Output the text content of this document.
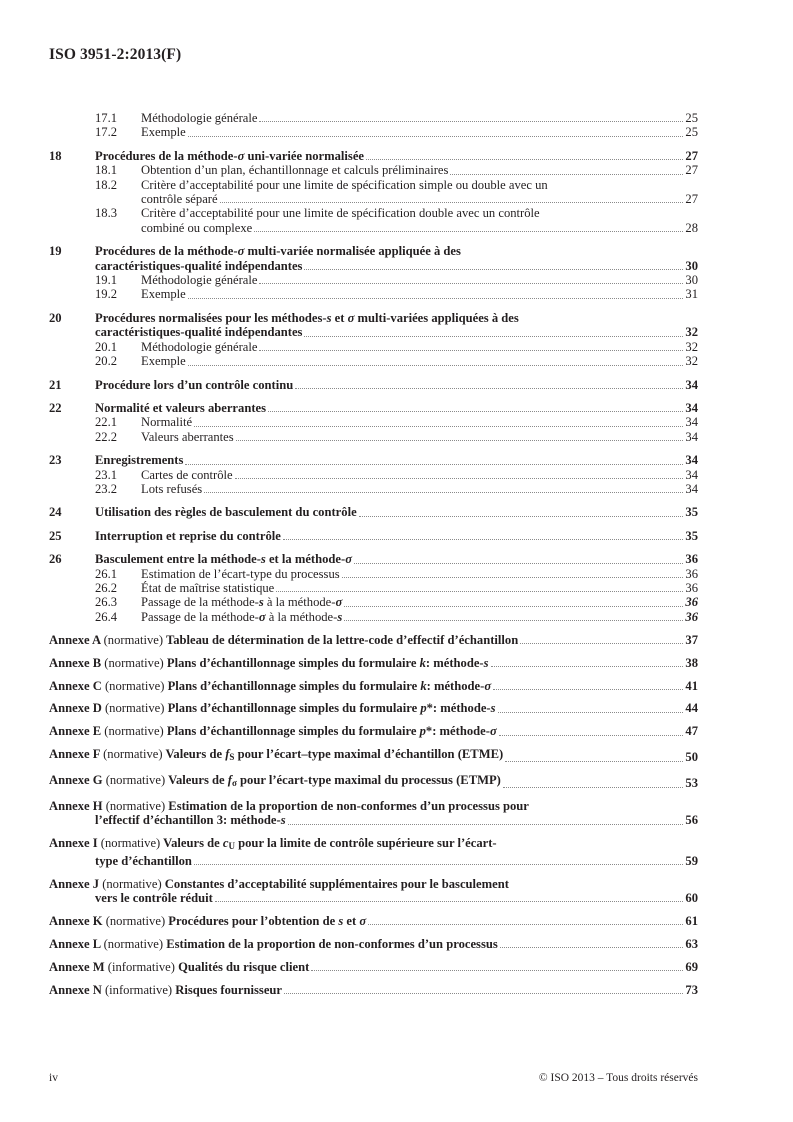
ISO 3951-2:2013(F)
17.1	Méthodologie générale	25
17.2	Exemple	25
18	Procédures de la méthode-σ uni-variée normalisée	27
18.1	Obtention d’un plan, échantillonnage et calculs préliminaires	27
18.2	Critère d’acceptabilité pour une limite de spécification simple ou double avec un
contrôle séparé	27
18.3	Critère d’acceptabilité pour une limite de spécification double avec un contrôle
combiné ou complexe	28
19	Procédures de la méthode-σ multi-variée normalisée appliquée à des
caractéristiques-qualité indépendantes	30
19.1	Méthodologie générale	30
19.2	Exemple	31
20	Procédures normalisées pour les méthodes-s et σ multi-variées appliquées à des
caractéristiques-qualité indépendantes	32
20.1	Méthodologie générale	32
20.2	Exemple	32
21	Procédure lors d’un contrôle continu	34
22	Normalité et valeurs aberrantes	34
22.1	Normalité	34
22.2	Valeurs aberrantes	34
23	Enregistrements	34
23.1	Cartes de contrôle	34
23.2	Lots refusés	34
24	Utilisation des règles de basculement du contrôle	35
25	Interruption et reprise du contrôle	35
26	Basculement entre la méthode-s et la méthode-σ	36
26.1	Estimation de l’écart-type du processus	36
26.2	État de maîtrise statistique	36
26.3	Passage de la méthode-s à la méthode-σ	36
26.4	Passage de la méthode-σ à la méthode-s	36
Annexe A (normative) Tableau de détermination de la lettre-code d’effectif d’échantillon	37
Annexe B (normative) Plans d’échantillonnage simples du formulaire k: méthode-s	38
Annexe C (normative) Plans d’échantillonnage simples du formulaire k: méthode-σ	41
Annexe D (normative) Plans d’échantillonnage simples du formulaire p*: méthode-s	44
Annexe E (normative) Plans d’échantillonnage simples du formulaire p*: méthode-σ	47
Annexe F (normative) Valeurs de fS pour l’écart–type maximal d’échantillon (ETME)	50
Annexe G (normative) Valeurs de fσ pour l’écart-type maximal du processus (ETMP)	53
Annexe H (normative) Estimation de la proportion de non-conformes d’un processus pour
l’effectif d’échantillon 3: méthode-s	56
Annexe I (normative) Valeurs de cU pour la limite de contrôle supérieure sur l’écart-
type d’échantillon	59
Annexe J (normative) Constantes d’acceptabilité supplémentaires pour le basculement
vers le contrôle réduit	60
Annexe K (normative) Procédures pour l’obtention de s et σ	61
Annexe L (normative) Estimation de la proportion de non-conformes d’un processus	63
Annexe M (informative) Qualités du risque client	69
Annexe N (informative) Risques fournisseur	73
iv	© ISO 2013 – Tous droits réservés
